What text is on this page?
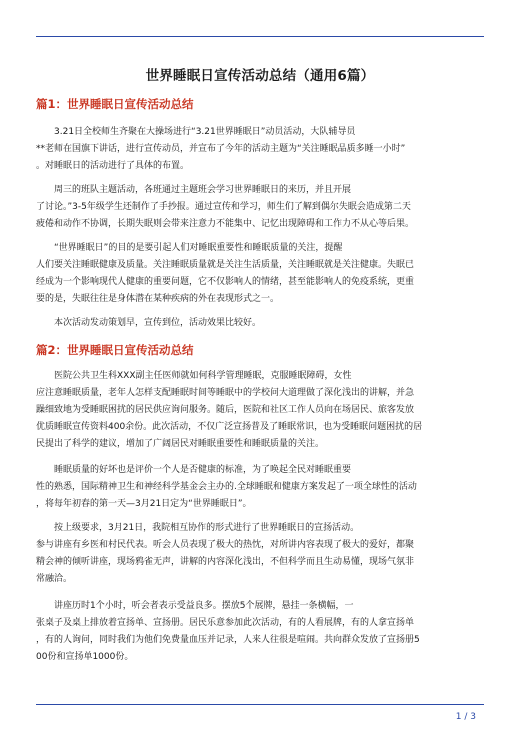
世界睡眠日宣传活动总结（通用6篇）
篇1：世界睡眠日宣传活动总结

3.21日全校师生齐聚在大操场进行“3.21世界睡眠日”动员活动，大队辅导员
**老师在国旗下讲话，进行宣传动员，并宣布了今年的活动主题为“关注睡眠品质多睡一小时”
。对睡眠日的活动进行了具体的布置。

周三的班队主题活动，各班通过主题班会学习世界睡眠日的来历，并且开展
了讨论。”3-5年级学生还制作了手抄报。通过宣传和学习，师生们了解到偶尔失眠会造成第二天
疲倦和动作不协调，长期失眠则会带来注意力不能集中、记忆出现障碍和工作力不从心等后果。

“世界睡眠日”的目的是要引起人们对睡眠重要性和睡眠质量的关注，提醒
人们要关注睡眠健康及质量。关注睡眠质量就是关注生活质量，关注睡眠就是关注健康。失眠已
经成为一个影响现代人健康的重要问题，它不仅影响人的情绪，甚至能影响人的免疫系统，更重
要的是，失眠往往是身体潜在某种疾病的外在表现形式之一。

本次活动发动策划早，宣传到位，活动效果比较好。

篇2：世界睡眠日宣传活动总结

医院公共卫生科XXX副主任医师就如何科学管理睡眠，克服睡眠障碍，女性
应注意睡眠质量，老年人怎样支配睡眠时间等睡眠中的学校问大道理做了深化浅出的讲解，并急
躁细致地为受睡眠困扰的居民供应询问服务。随后，医院和社区工作人员向在场居民、旅客发放
优质睡眠宣传资料400余份。此次活动，不仅广泛宣扬普及了睡眠常识，也为受睡眠问题困扰的居
民提出了科学的建议，增加了广阔居民对睡眠重要性和睡眠质量的关注。

睡眠质量的好坏也是评价一个人是否健康的标准，为了唤起全民对睡眠重要
性的熟悉，国际精神卫生和神经科学基金会主办的.全球睡眠和健康方案发起了一项全球性的活动
，将每年初春的第一天—3月21日定为“世界睡眠日”。

按上级要求，3月21日，我院相互协作的形式进行了世界睡眠日的宣扬活动。
参与讲座有乡医和村民代表。听会人员表现了极大的热忱，对所讲内容表现了极大的爱好，都聚
精会神的倾听讲座，现场鸦雀无声，讲解的内容深化浅出，不但科学而且生动易懂，现场气氛非
常融洽。

讲座历时1个小时，听会者表示受益良多。摆放5个展牌，悬挂一条横幅，一
张桌子及桌上排放着宣扬单、宣扬册。居民乐意参加此次活动，有的人看展牌，有的人拿宣扬单
，有的人询问，同时我们为他们免费量血压并记录，人来人往很是喧闹。共向群众发放了宣扬册5
00份和宣扬单1000份。

1 / 3
